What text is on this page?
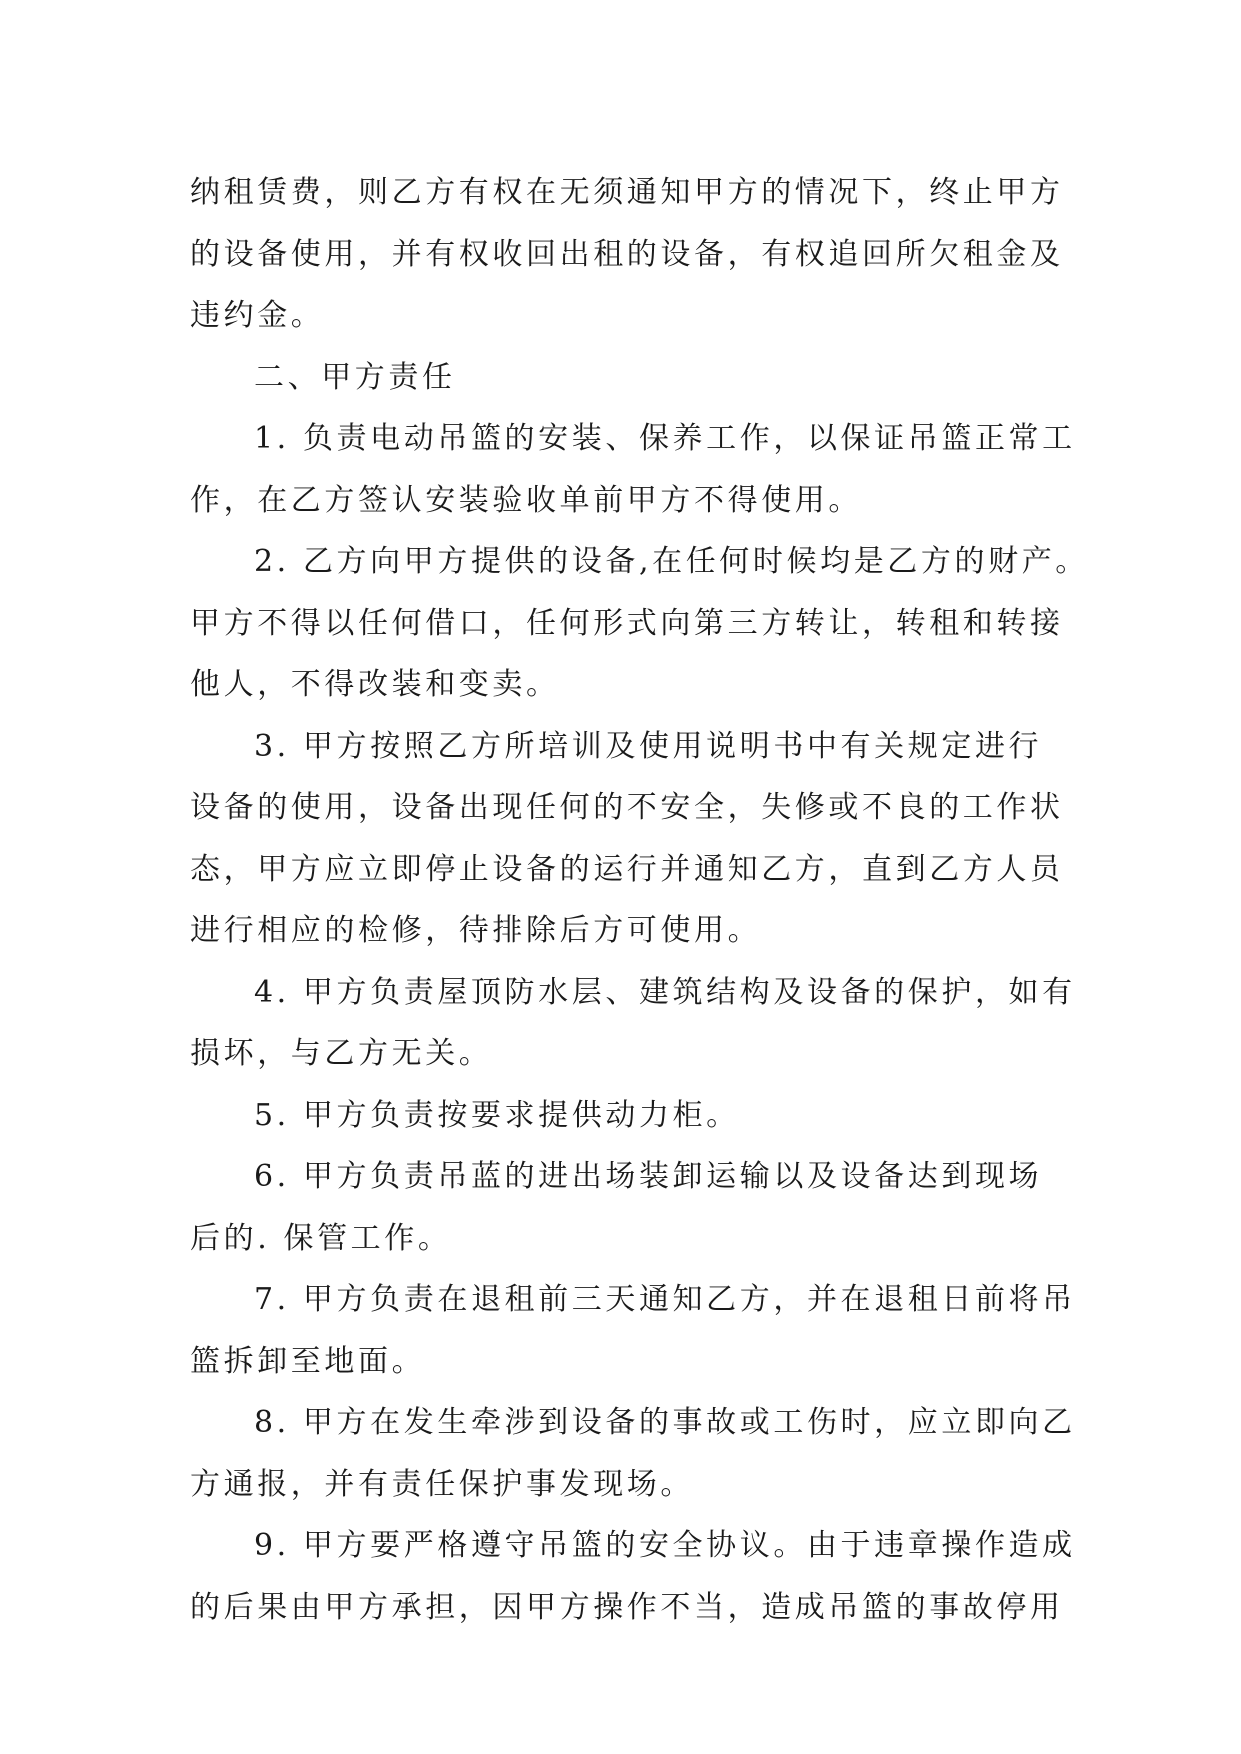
纳租赁费，则乙方有权在无须通知甲方的情况下，终止甲方
的设备使用，并有权收回出租的设备，有权追回所欠租金及
违约金。
二、甲方责任
1. 负责电动吊篮的安装、保养工作，以保证吊篮正常工
作，在乙方签认安装验收单前甲方不得使用。
2. 乙方向甲方提供的设备,在任何时候均是乙方的财产。
甲方不得以任何借口，任何形式向第三方转让，转租和转接
他人，不得改装和变卖。
3. 甲方按照乙方所培训及使用说明书中有关规定进行
设备的使用，设备出现任何的不安全，失修或不良的工作状
态，甲方应立即停止设备的运行并通知乙方，直到乙方人员
进行相应的检修，待排除后方可使用。
4. 甲方负责屋顶防水层、建筑结构及设备的保护，如有
损坏，与乙方无关。
5. 甲方负责按要求提供动力柜。
6. 甲方负责吊蓝的进出场装卸运输以及设备达到现场
后的. 保管工作。
7. 甲方负责在退租前三天通知乙方，并在退租日前将吊
篮拆卸至地面。
8. 甲方在发生牵涉到设备的事故或工伤时，应立即向乙
方通报，并有责任保护事发现场。
9. 甲方要严格遵守吊篮的安全协议。由于违章操作造成
的后果由甲方承担，因甲方操作不当，造成吊篮的事故停用
